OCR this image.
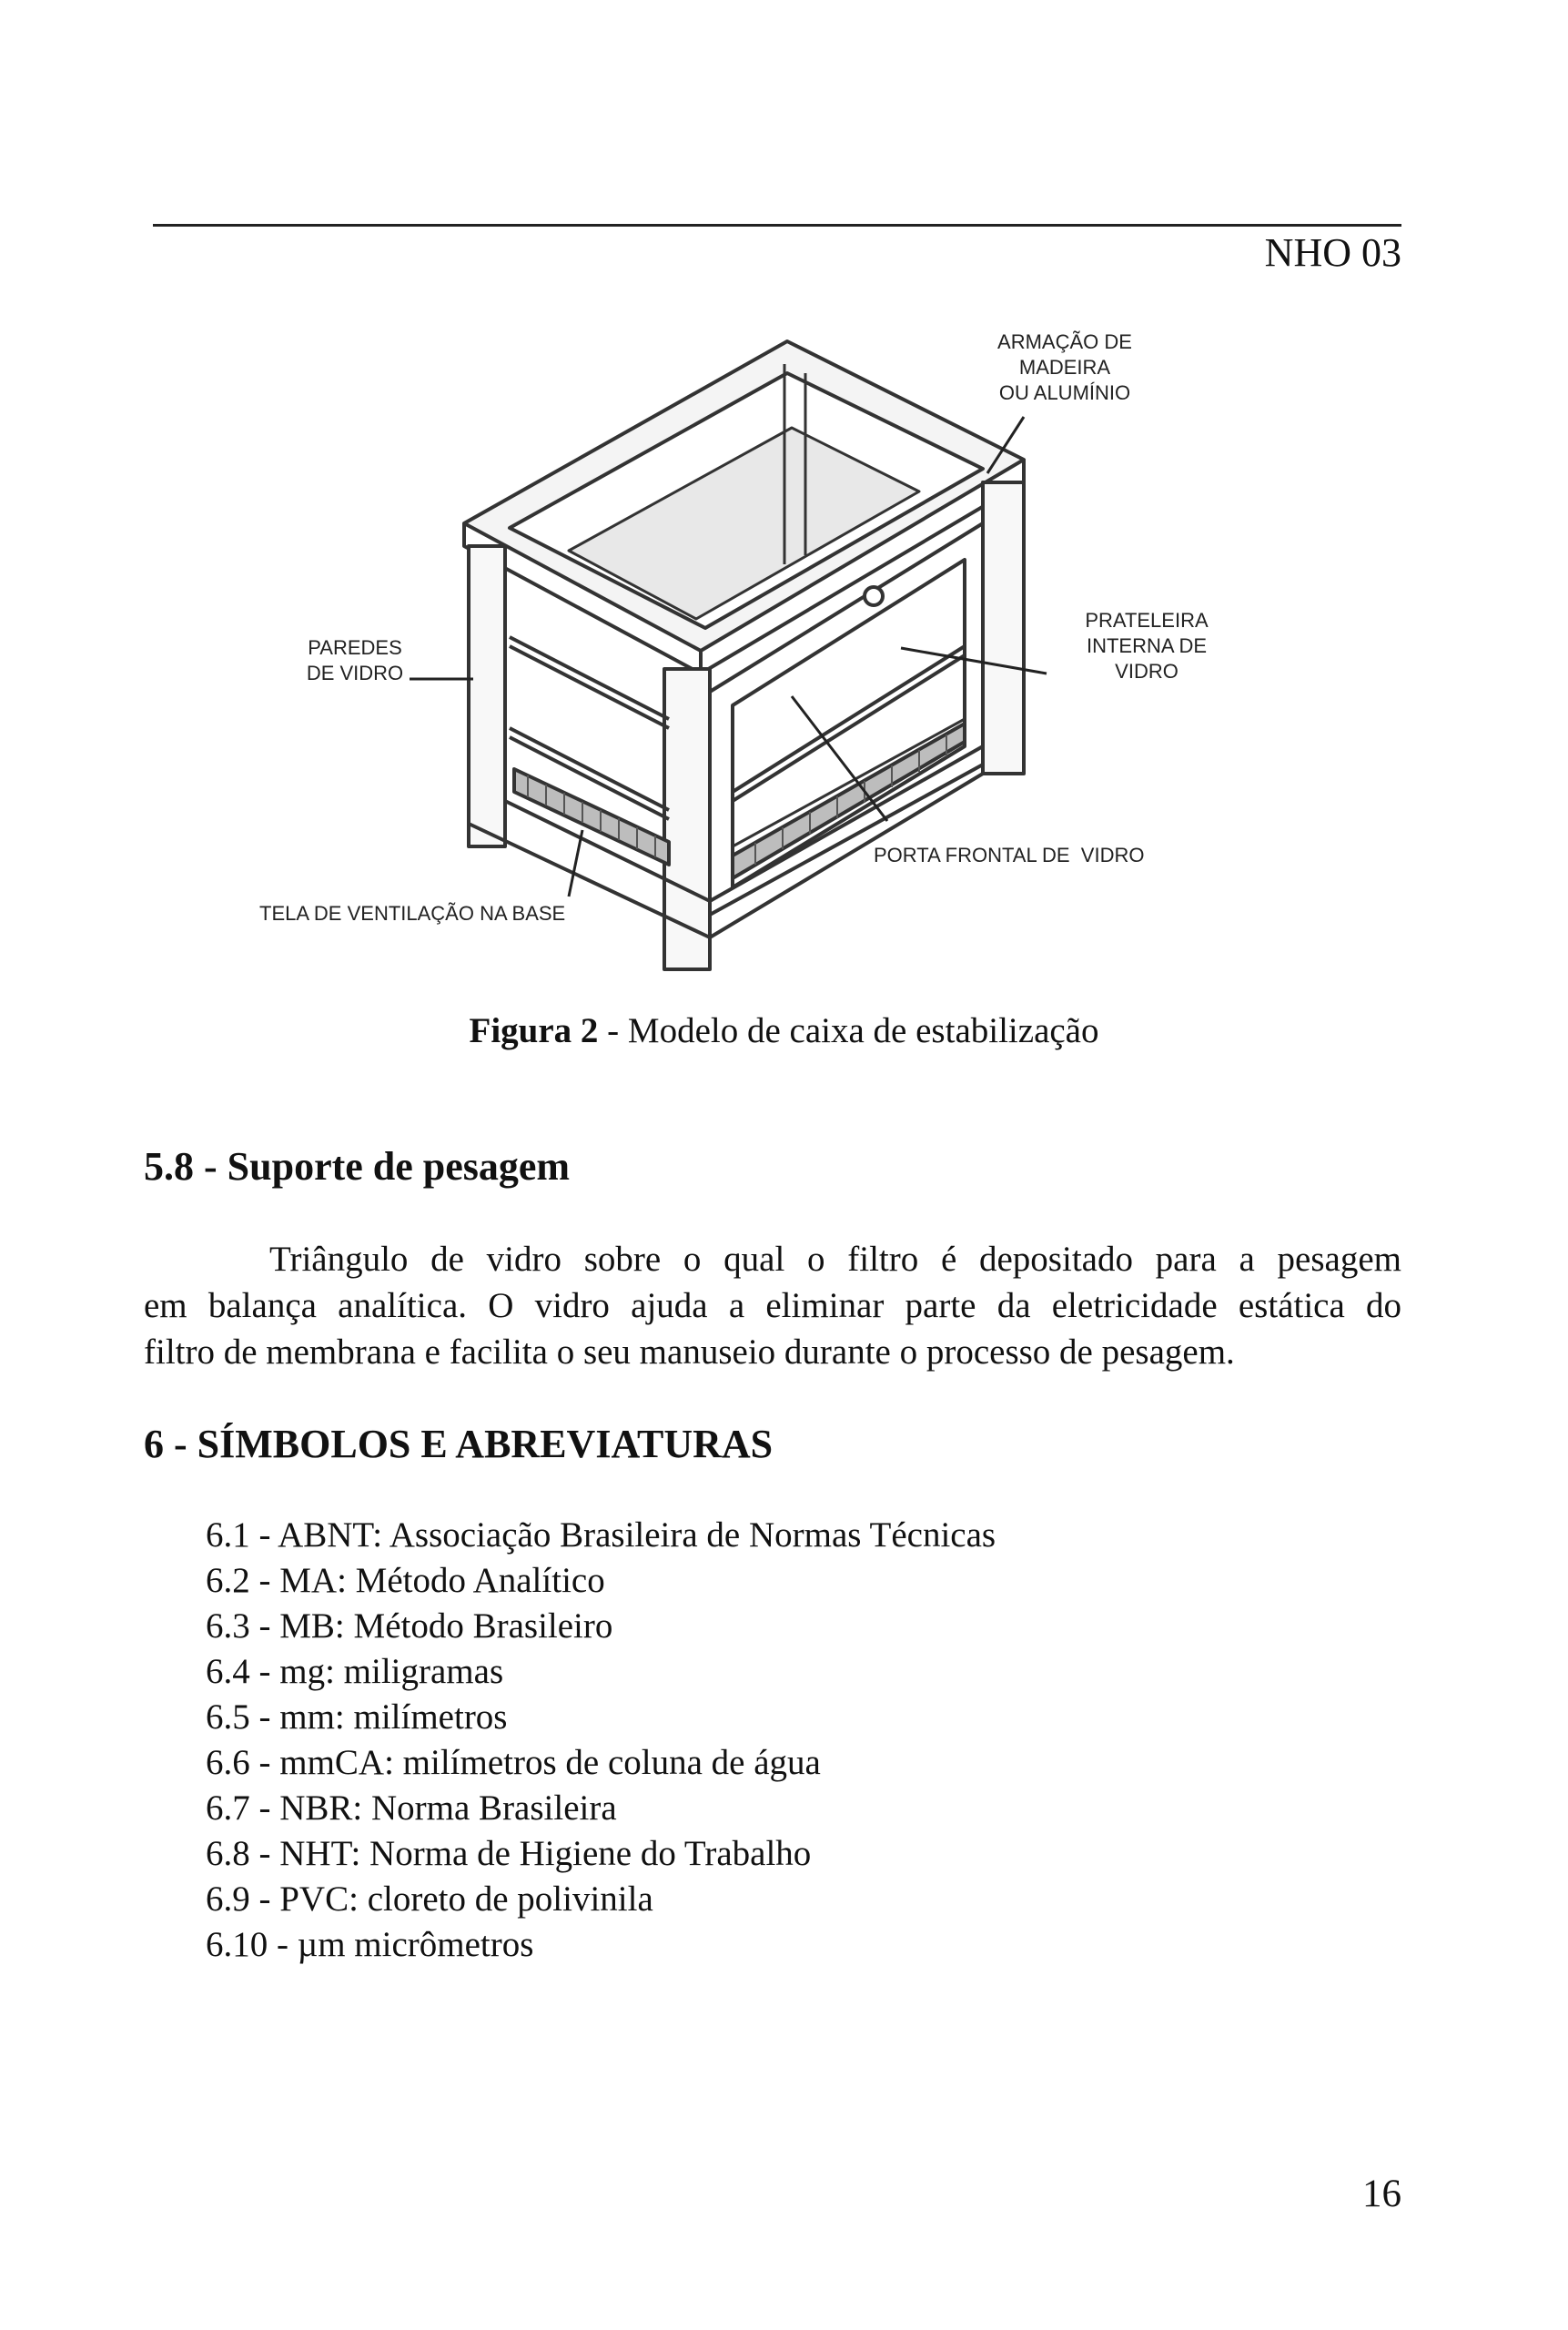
NHO 03
ARMAÇÃO DE
MADEIRA
OU ALUMÍNIO
PAREDES
DE VIDRO
PRATELEIRA
INTERNA DE
VIDRO
PORTA FRONTAL DE  VIDRO
TELA DE VENTILAÇÃO NA BASE
Figura 2 - Modelo de caixa de estabilização
5.8 - Suporte de pesagem
Triângulo de vidro sobre o qual o filtro é depositado para a pesagem
em balança analítica. O vidro ajuda a eliminar parte da eletricidade estática do
filtro de membrana e facilita o seu manuseio durante o processo de pesagem.
6 - SÍMBOLOS E ABREVIATURAS
6.1 - ABNT: Associação Brasileira de Normas Técnicas
6.2 - MA: Método Analítico
6.3 - MB: Método Brasileiro
6.4 - mg: miligramas
6.5 - mm: milímetros
6.6 - mmCA: milímetros de coluna de água
6.7 - NBR: Norma Brasileira
6.8 - NHT: Norma de Higiene do Trabalho
6.9 - PVC: cloreto de polivinila
6.10 - µm micrômetros
16
